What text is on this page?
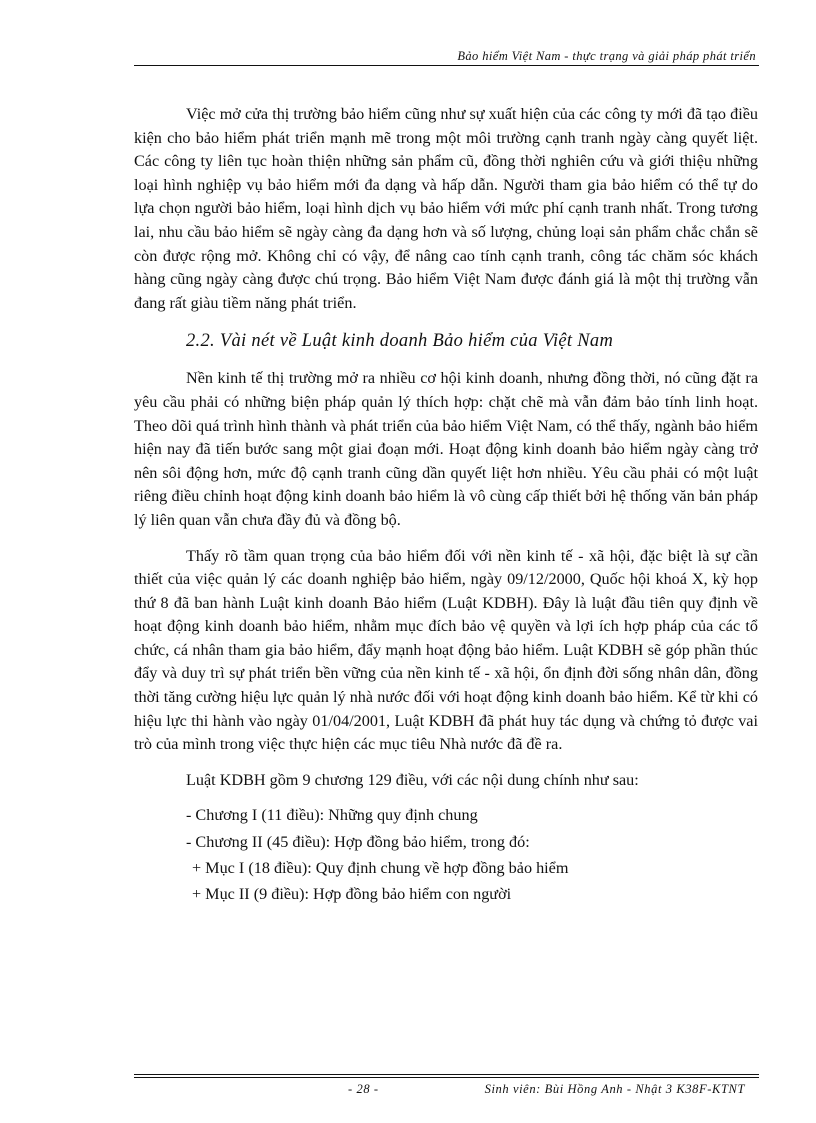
Bảo hiểm Việt Nam - thực trạng và giải pháp phát triển

Việc mở cửa thị trường bảo hiểm cũng như sự xuất hiện của các công ty mới đã tạo điều kiện cho bảo hiểm phát triển mạnh mẽ trong một môi trường cạnh tranh ngày càng quyết liệt. Các công ty liên tục hoàn thiện những sản phẩm cũ, đồng thời nghiên cứu và giới thiệu những loại hình nghiệp vụ bảo hiểm mới đa dạng và hấp dẫn. Người tham gia bảo hiểm có thể tự do lựa chọn người bảo hiểm, loại hình dịch vụ bảo hiểm với mức phí cạnh tranh nhất. Trong tương lai, nhu cầu bảo hiểm sẽ ngày càng đa dạng hơn và số lượng, chủng loại sản phẩm chắc chắn sẽ còn được rộng mở. Không chỉ có vậy, để nâng cao tính cạnh tranh, công tác chăm sóc khách hàng cũng ngày càng được chú trọng. Bảo hiểm Việt Nam được đánh giá là một thị trường vẫn đang rất giàu tiềm năng phát triển.

2.2. Vài nét về Luật kinh doanh Bảo hiểm của Việt Nam

Nền kinh tế thị trường mở ra nhiều cơ hội kinh doanh, nhưng đồng thời, nó cũng đặt ra yêu cầu phải có những biện pháp quản lý thích hợp: chặt chẽ mà vẫn đảm bảo tính linh hoạt. Theo dõi quá trình hình thành và phát triển của bảo hiểm Việt Nam, có thể thấy, ngành bảo hiểm hiện nay đã tiến bước sang một giai đoạn mới. Hoạt động kinh doanh bảo hiểm ngày càng trở nên sôi động hơn, mức độ cạnh tranh cũng dần quyết liệt hơn nhiều. Yêu cầu phải có một luật riêng điều chỉnh hoạt động kinh doanh bảo hiểm là vô cùng cấp thiết bởi hệ thống văn bản pháp lý liên quan vẫn chưa đầy đủ và đồng bộ.

Thấy rõ tầm quan trọng của bảo hiểm đối với nền kinh tế - xã hội, đặc biệt là sự cần thiết của việc quản lý các doanh nghiệp bảo hiểm, ngày 09/12/2000, Quốc hội khoá X, kỳ họp thứ 8 đã ban hành Luật kinh doanh Bảo hiểm (Luật KDBH). Đây là luật đầu tiên quy định về hoạt động kinh doanh bảo hiểm, nhằm mục đích bảo vệ quyền và lợi ích hợp pháp của các tổ chức, cá nhân tham gia bảo hiểm, đẩy mạnh hoạt động bảo hiểm. Luật KDBH sẽ góp phần thúc đẩy và duy trì sự phát triển bền vững của nền kinh tế - xã hội, ổn định đời sống nhân dân, đồng thời tăng cường hiệu lực quản lý nhà nước đối với hoạt động kinh doanh bảo hiểm. Kể từ khi có hiệu lực thi hành vào ngày 01/04/2001, Luật KDBH đã phát huy tác dụng và chứng tỏ được vai trò của mình trong việc thực hiện các mục tiêu Nhà nước đã đề ra.

Luật KDBH gồm 9 chương 129 điều, với các nội dung chính như sau:
- Chương I (11 điều): Những quy định chung
- Chương II (45 điều): Hợp đồng bảo hiểm, trong đó:
+ Mục I (18 điều): Quy định chung về hợp đồng bảo hiểm
+ Mục II (9 điều): Hợp đồng bảo hiểm con người
- 28 -	Sinh viên: Bùi Hồng Anh - Nhật 3 K38F-KTNT
